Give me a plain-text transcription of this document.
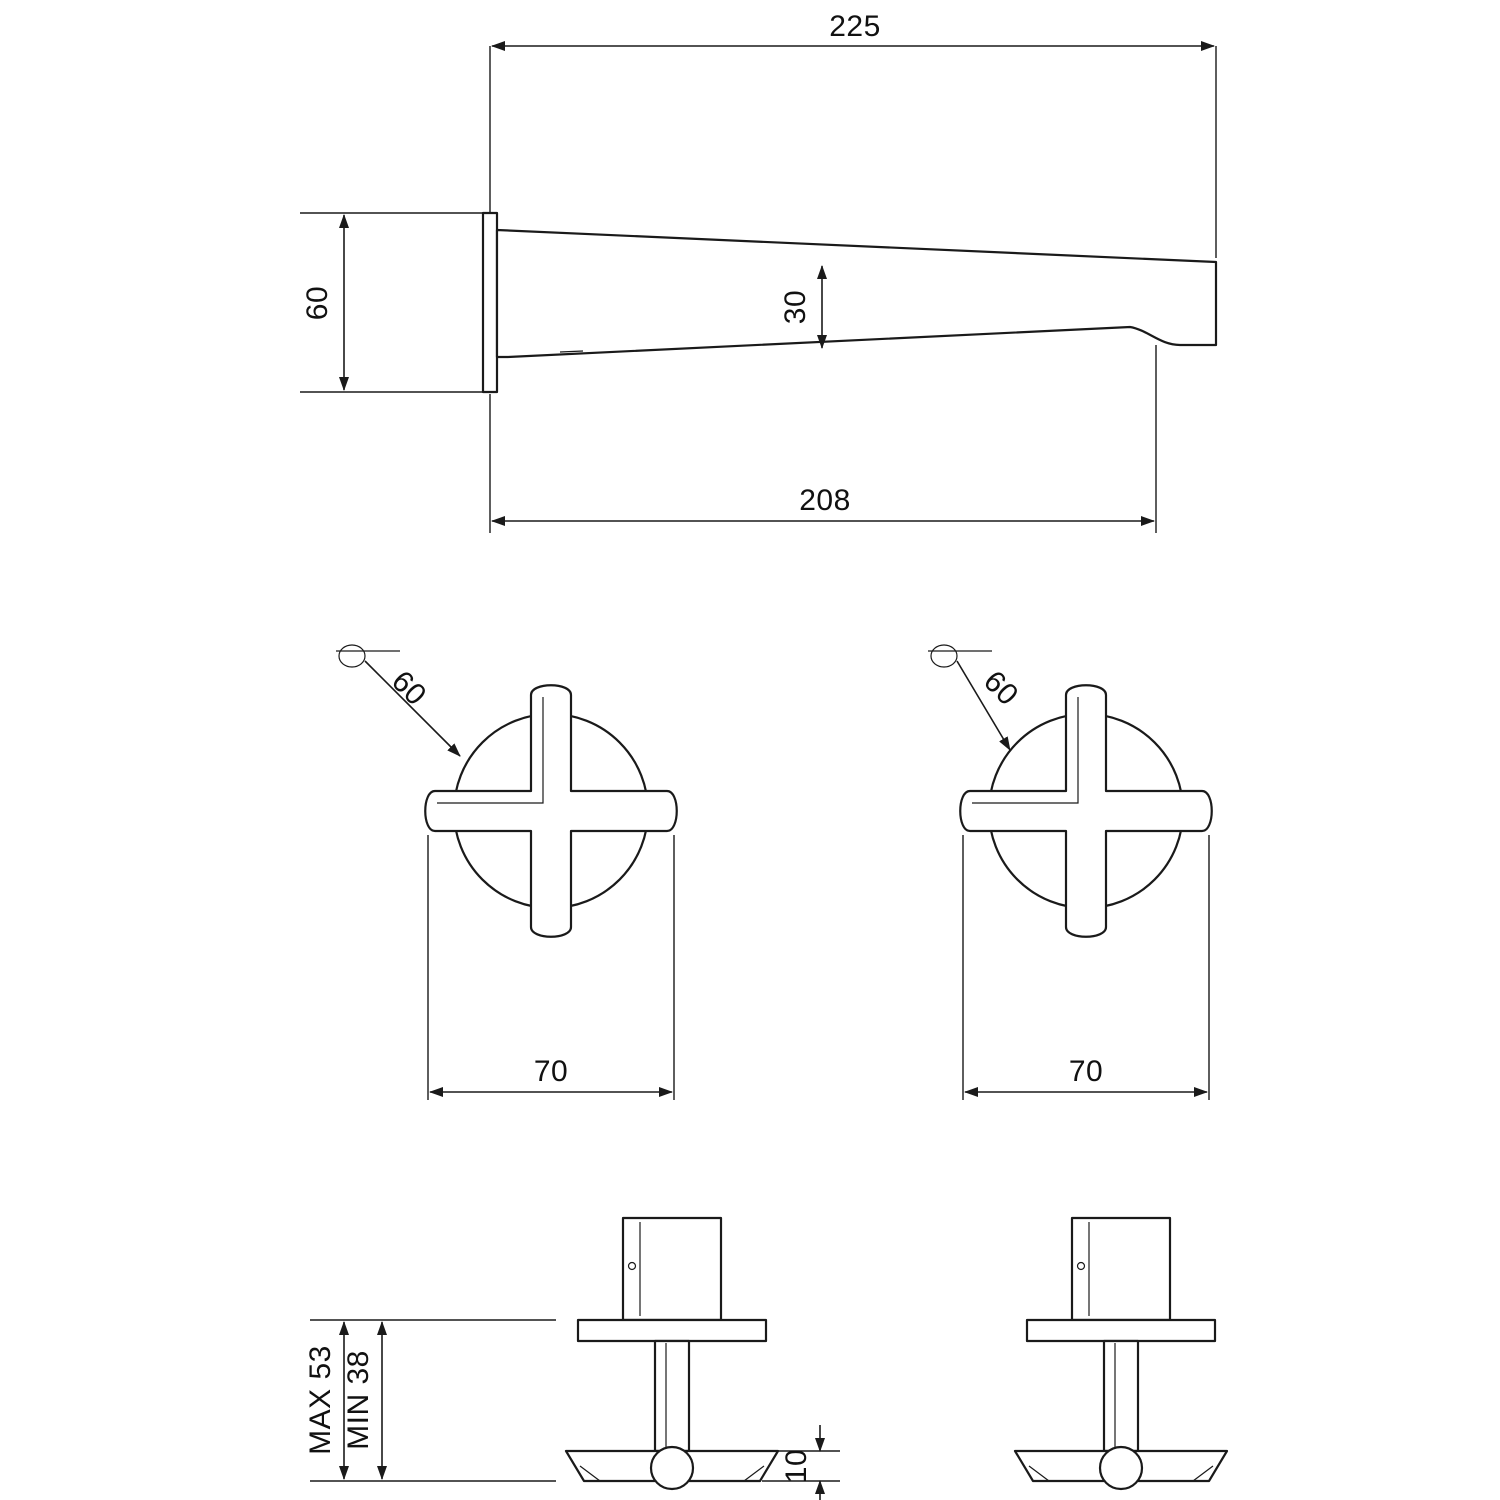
225
60	30
208
60
70
60
70
MAX 53 MIN 38
10
